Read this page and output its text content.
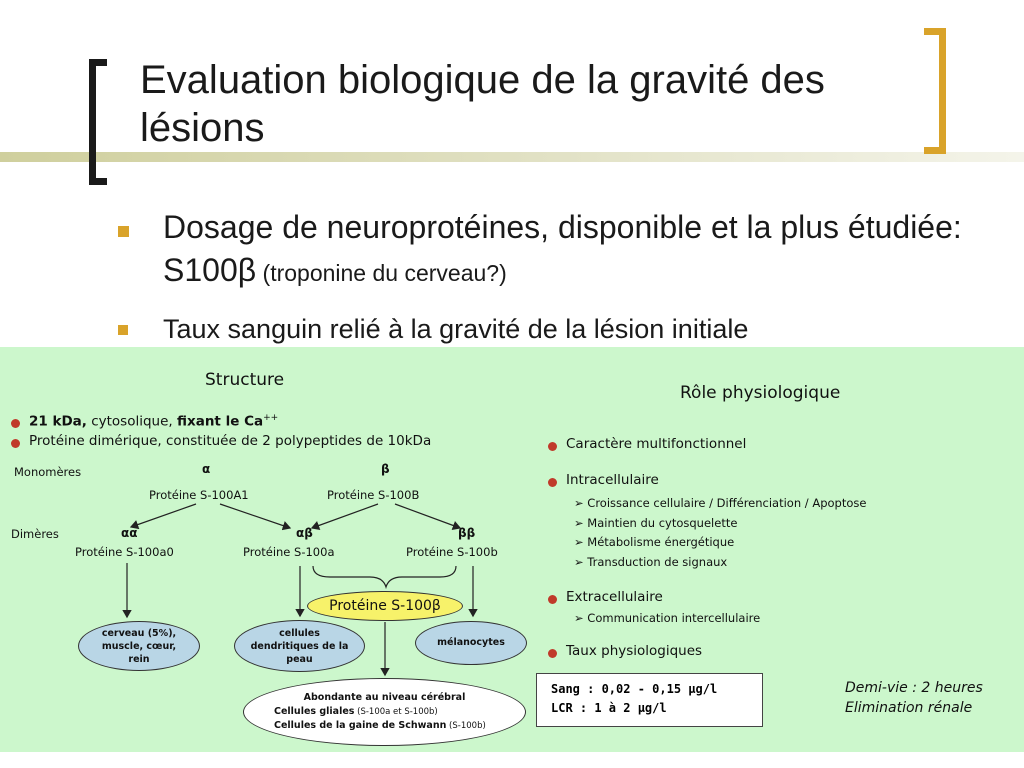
Evaluation biologique de la gravité des lésions
Dosage de neuroprotéines, disponible et la plus étudiée: S100β (troponine du cerveau?)
Taux sanguin relié à la gravité de la lésion initiale
Structure
Rôle physiologique
21 kDa, cytosolique, fixant le Ca++
Protéine dimérique, constituée de 2 polypeptides de 10kDa
Monomères	α	β
Protéine S-100A1	Protéine S-100B
Dimères	αα	αβ	ββ
Protéine S-100a0	Protéine S-100a	Protéine S-100b
Protéine S-100β
cerveau (5%), muscle, cœur, rein
cellules dendritiques de la peau
mélanocytes
Abondante au niveau cérébral
Cellules gliales (S-100a et S-100b)
Cellules de la gaine de Schwann (S-100b)
Caractère multifonctionnel
Intracellulaire
➢ Croissance cellulaire / Différenciation / Apoptose
➢ Maintien du cytosquelette
➢ Métabolisme énergétique
➢ Transduction de signaux
Extracellulaire
➢ Communication intercellulaire
Taux physiologiques
Sang : 0,02 - 0,15 µg/l
LCR : 1 à 2 µg/l
Demi-vie : 2 heures
Elimination rénale
